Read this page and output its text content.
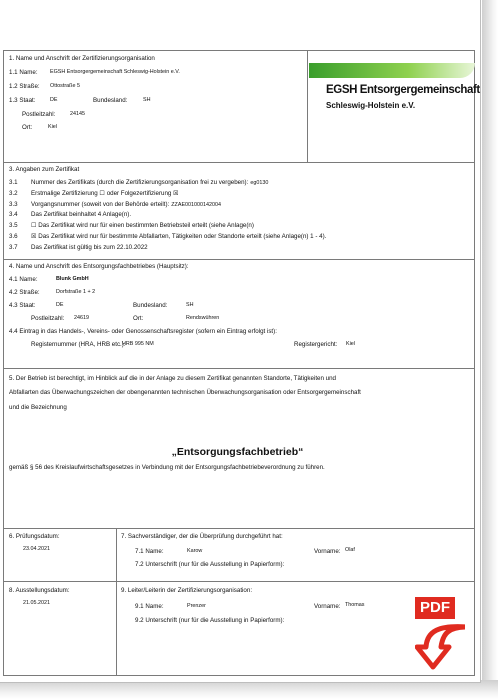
1. Name und Anschrift der Zertifizierungsorganisation
1.1 Name: EGSH Entsorgergemeinschaft Schleswig-Holstein e.V.
1.2 Straße: Ottostraße 5
1.3 Staat:	DE	Bundesland:	SH
Postleitzahl:	24145
Ort:	Kiel
EGSH Entsorgergemeinschaft
Schleswig-Holstein e.V.
3. Angaben zum Zertifikat
3.1 Nummer des Zertifikats (durch die Zertifizierungsorganisation frei zu vergeben): eg0130
3.2 Erstmalige Zertifizierung ☐ oder Folgezertifizierung ☒
3.3 Vorgangsnummer (soweit von der Behörde erteilt): ZZAE001000142004
3.4 Das Zertifikat beinhaltet 4 Anlage(n).
3.5 ☐ Das Zertifikat wird nur für einen bestimmten Betriebsteil erteilt (siehe Anlage(n)
3.6 ☒ Das Zertifikat wird nur für bestimmte Abfallarten, Tätigkeiten oder Standorte erteilt (siehe Anlage(n) 1 - 4).
3.7 Das Zertifikat ist gültig bis zum 22.10.2022
4. Name und Anschrift des Entsorgungsfachbetriebes (Hauptsitz):
4.1 Name:	Blunk GmbH
4.2 Straße:	Dorfstraße 1 + 2
4.3 Staat:	DE	Bundesland:	SH
Postleitzahl: 24619	Ort:	Rendswühren
4.4 Eintrag in das Handels-, Vereins- oder Genossenschaftsregister (sofern ein Eintrag erfolgt ist):
Registernummer (HRA, HRB etc.):
HRB 995 NM	Registergericht: Kiel
5. Der Betrieb ist berechtigt, im Hinblick auf die in der Anlage zu diesem Zertifikat genannten Standorte, Tätigkeiten und
Abfallarten das Überwachungszeichen der obengenannten technischen Überwachungsorganisation oder Entsorgergemeinschaft
und die Bezeichnung
„Entsorgungsfachbetrieb“
gemäß § 56 des Kreislaufwirtschaftsgesetzes in Verbindung mit der Entsorgungsfachbetriebeverordnung zu führen.
6. Prüfungsdatum:
23.04.2021
7. Sachverständiger, der die Überprüfung durchgeführt hat:
7.1 Name:	Karow	Vorname: Olaf
7.2 Unterschrift (nur für die Ausstellung in Papierform):
8. Ausstellungsdatum:
21.05.2021
9. Leiter/Leiterin der Zertifizierungsorganisation:
9.1 Name:	Prenzer	Vorname: Thomas
9.2 Unterschrift (nur für die Ausstellung in Papierform):
PDF
